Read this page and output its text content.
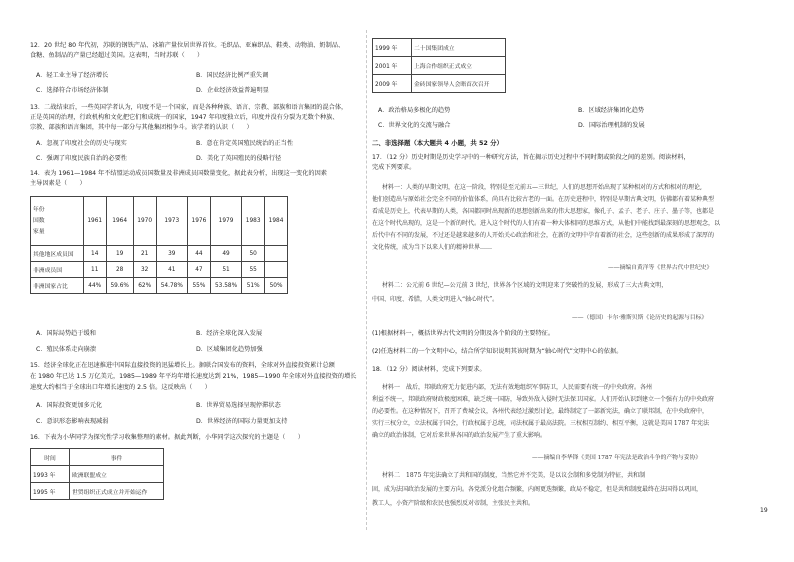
12．20 世纪 80 年代初，苏联的钢铁产品、冰箱产量位居世界首位。毛织品、亚麻织品、鞋类、动物油、奶制品、
食糖、鱼制品的产量已经超过美国。这表明，当时苏联（　　）
A．轻工业主导了经济增长	B．国民经济比例严重失调
C．选择符合市场经济体制	D．企业经济效益普遍明显
13．二战结束后，一些英国学者认为，印度不是一个国家，而是各种种族、语言、宗教、部族和语言集团的混合体，
正是英国的治理，行政机构和文化把它们和成统一的国家，1947 年印度独立后，印度并没有分裂为无数个种族、
宗教、部族和语言集团，其中每一部分与其他集团相争斗。该学者的认识（　　）
A．忽视了印度社会的历史与现实	B．意在肯定英国殖民统治的正当性
C．强调了印度民族自治的必要性	D．美化了英国殖民的侵略行径
14．表为 1961—1984 年不结盟运动成员国数量及非洲成员国数量变化，据此表分析，出现这一变化的因素
主导因素是（　　）
年份
国数
家量	1961	1964	1970	1973	1976	1979	1983	1984
其他地区成员国	14	19	21	39	44	49	50	
非洲成员国	11	28	32	41	47	51	55	
非洲国家占比	44%	59.6%	62%	54.78%	55%	53.58%	51%	50%
A．国际局势趋于缓和	B．经济全球化深入发展
C．殖民体系走向崩溃	D．区域集团化趋势加强
15．经济全球化正在迅速推进中国际直接投资的迅猛增长上。据联合国发布的资料，全球对外直接投资累计总额
在 1980 年已达 1.5 万亿美元，1985—1989 年平均年增长速度达到 21%，1985—1990 年全球对外直接投资的增长
速度大约相当于全球出口年增长速度的 2.5 倍。这反映出（　　）
A．国际投资更加多元化	B．世界贸易选择呈现停滞状态
C．意识形态影响表现减弱	D．世界经济的国际力量更加支持
16．下表为小华同学为探究性学习收集整理的素材。据此判断，小华同学这次探究的主题是（　　）
时间	事件
1993 年	欧洲联盟成立
1995 年	世贸组织正式成立并开始运作
1999 年	二十国集团成立
2001 年	上海合作组织正式成立
2009 年	金砖国家领导人会晤首次召开
A．政治格局多极化的趋势	B．区域经济集团化趋势
C．世界文化的交流与融合	D．国际治理机制的发展
二、非选择题（本大题共 4 小题，共 52 分）
17．（12 分）历史时期是历史学习中的一种研究方法，旨在揭示历史过程中不同时期或阶段之间的差别。阅读材料，
完成下列要求。
材料一：人类的早期文明，在这一阶段，特别是至元前五—三世纪，人们的思想开始出现了某种相对的方式和相对的理论,
他们创造出与原始社会完全不同的价值体系，尚具有比较古老的一面。在历史进程中，特别是早期古典文明，仿佛都有着某种典型
看成是历史上，代表早期的人类，各国都同时出现新的思想创新出来的伟大思想家，像孔子、孟子、老子、庄子、墨子等，也都是
在这个时代出现的，这是一个新的时代。进入这个时代的人们有着一种大体相同的思维方式，从他们中能找到最深刻的思想观念，以
后代中有不同的发展，不过还是越来越多的人开始关心政治和社会，在新的文明中孕育着新的社会，这些创新的成果形成了深厚的
文化传统，成为当下以来人们的精神世界……
——摘编自黄洋等《世界古代中世纪史》
材料二：公元前 6 世纪—公元前 3 世纪，世界各个区域的文明迎来了突破性的发展，形成了三大古典文明，
中国、印度、希腊，人类文明进入“轴心时代”。
——（德国）卡尔·雅斯贝斯《论历史的起源与目标》
(1)根据材料一，概括世界古代文明的分期及各个阶段的主要特征。
(2)任选材料二的一个文明中心，结合所学知识说明其该时期为“轴心时代”文明中心的依据。
18．（12 分）阅读材料，完成下列要求。
材料一　战后，邦联政府无力促进内部，无法有效地组织军事防卫，人民需要有统一的中央政府。各州
利益不统一，邦联政府财政极度困难，缺乏统一国防，导致外敌入侵时无法保卫国家。人们开始认识到建立一个强有力的中央政府
的必要性。在这种情况下，召开了费城会议，各州代表经过激烈讨论，最终制定了一部新宪法，确立了联邦制，在中央政府中，
实行三权分立，立法权属于国会，行政权属于总统，司法权属于最高法院。三权相互制约、相互平衡，这就是美国 1787 年宪法
确立的政治体制，它对后来世界各国的政治发展产生了重大影响。
——摘编自李华锋《美国 1787 年宪法是政治斗争的产物与妥协》
材料二　1875 年宪法确立了共和国的制度，当然它并不完美，是以议会制和多党制为特征，共和制
固，成为法国政治发展的主要方向。各党派分化组合频繁，内阁更迭频繁，政局不稳定，但是共和制度最终在法国得以巩固，
教工人，小资产阶级和农民也强烈反对帝制，主张民主共和。
19
